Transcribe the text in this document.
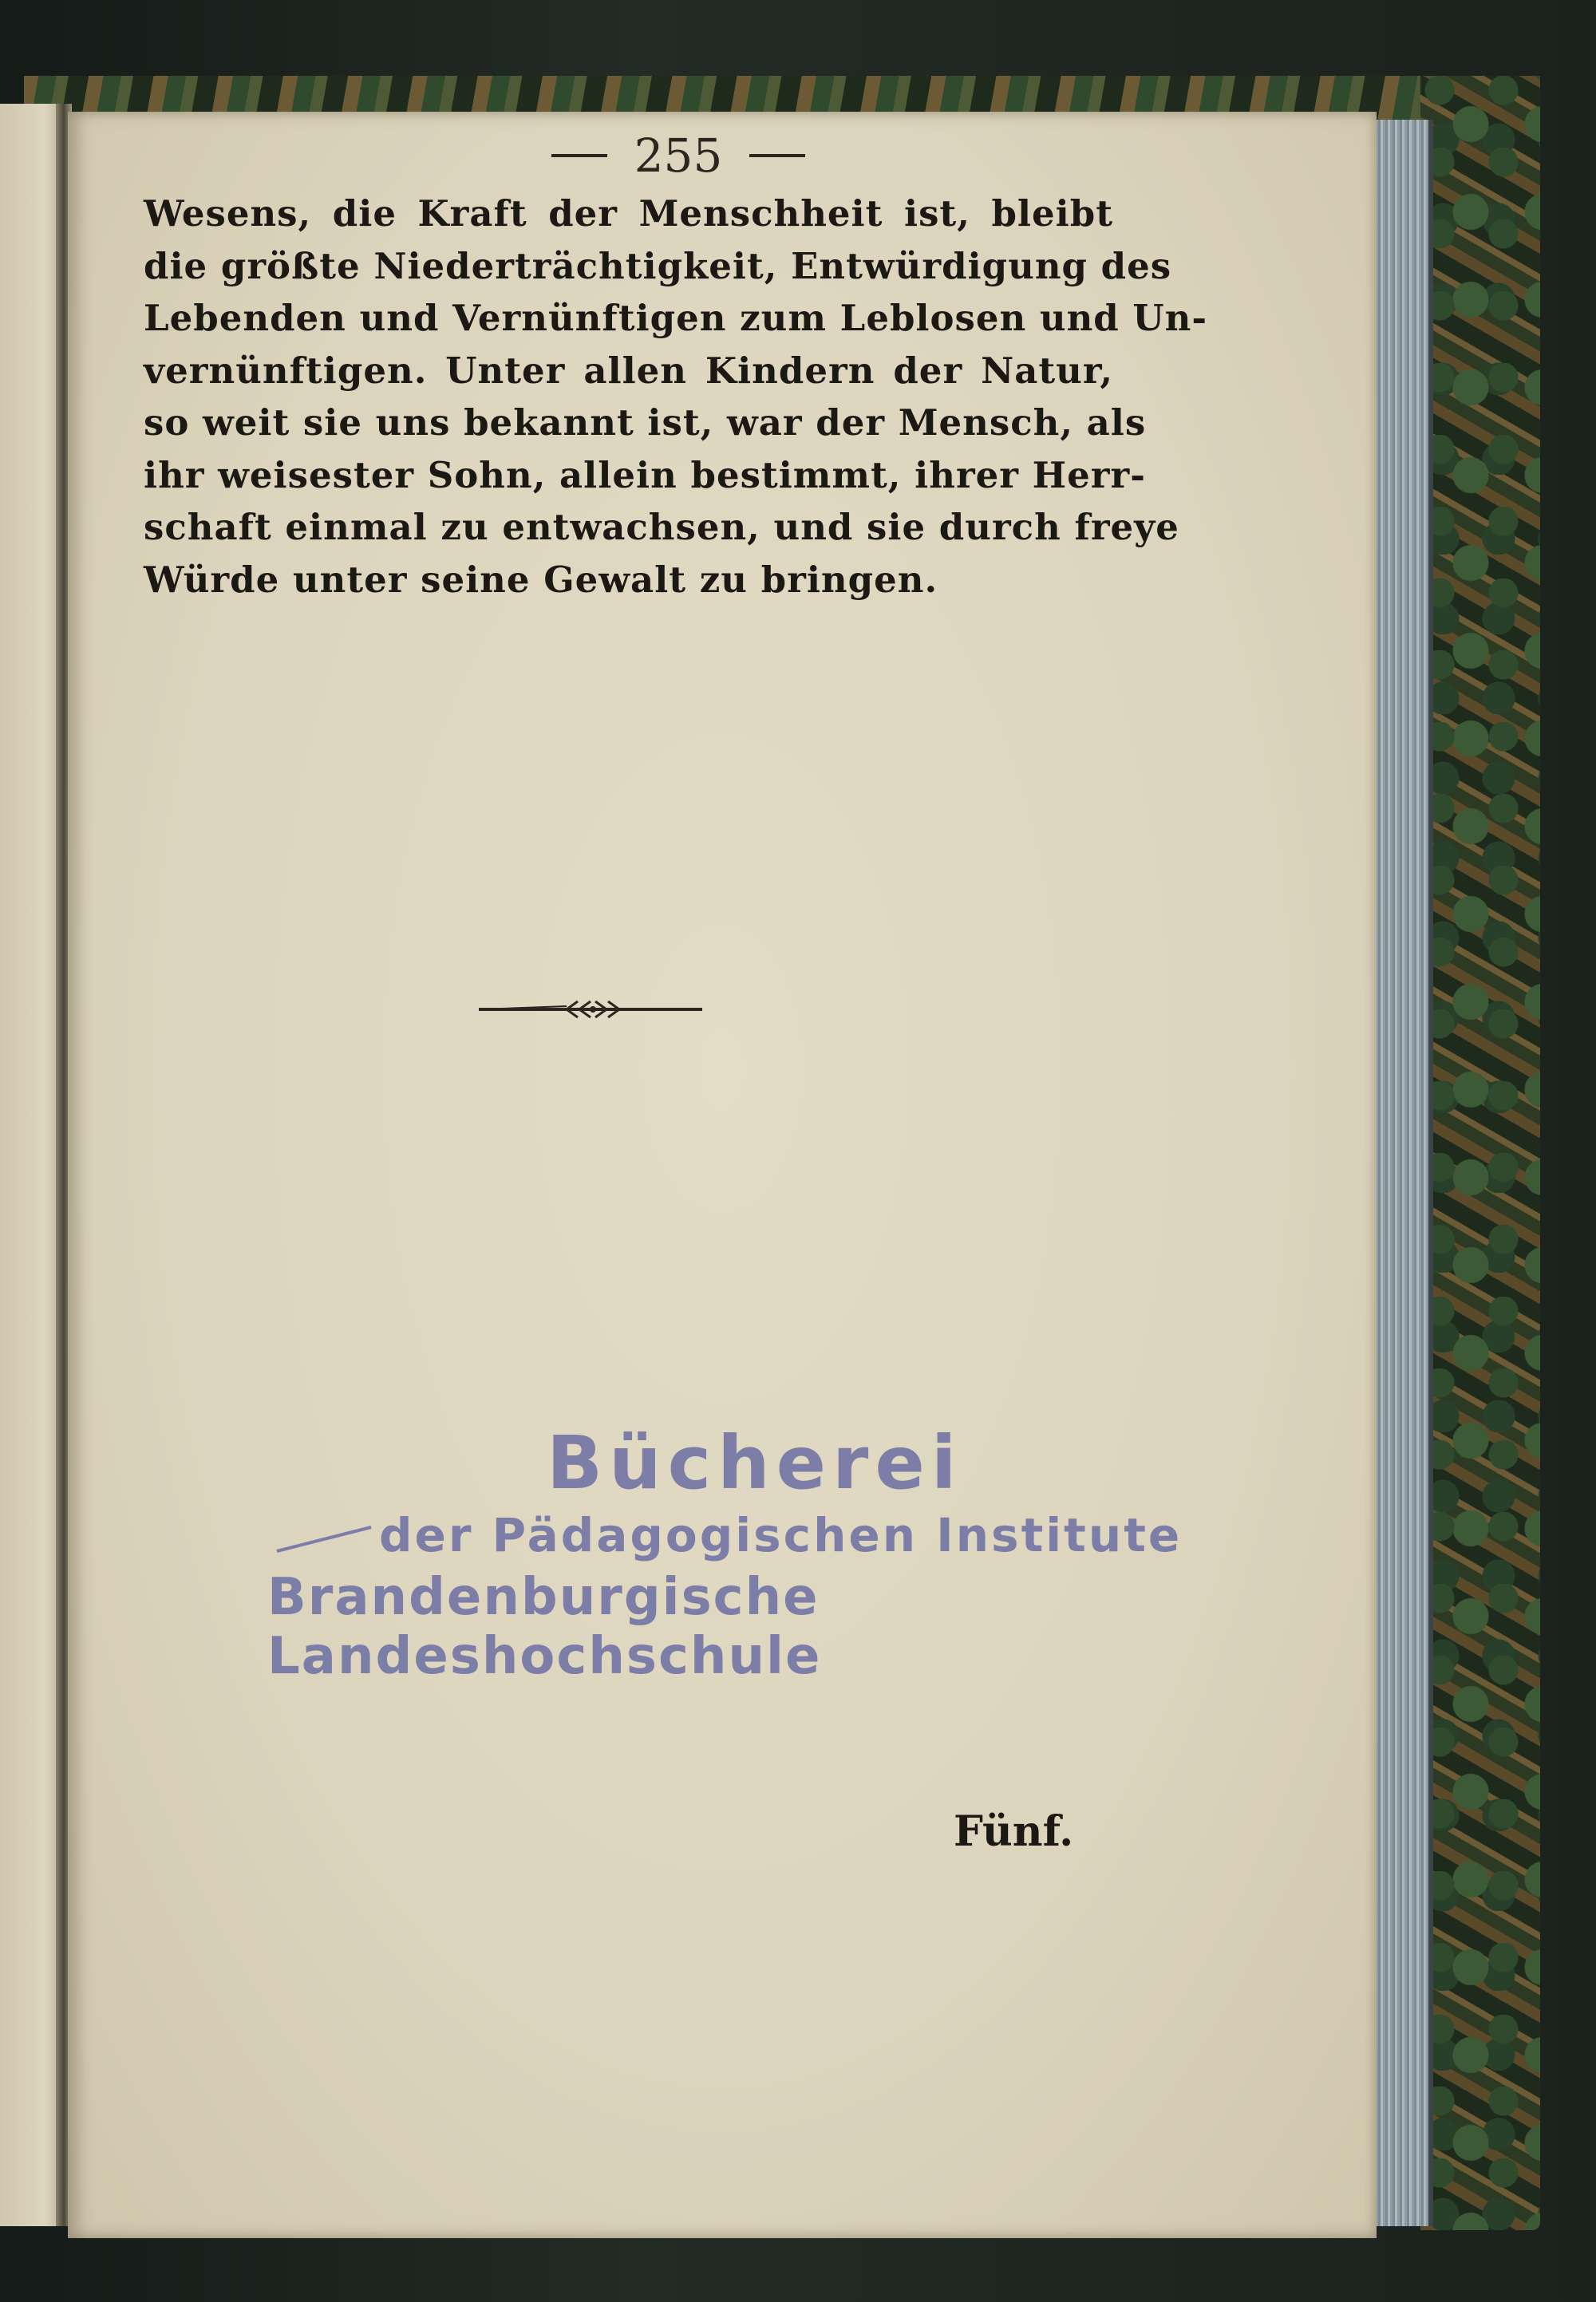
255
Wesens, die Kraft der Menschheit ist, bleibt
die größte Niederträchtigkeit, Entwürdigung des
Lebenden und Vernünftigen zum Leblosen und Un-
vernünftigen. Unter allen Kindern der Natur,
so weit sie uns bekannt ist, war der Mensch, als
ihr weisester Sohn, allein bestimmt, ihrer Herr-
schaft einmal zu entwachsen, und sie durch freye
Würde unter seine Gewalt zu bringen.
Bücherei
der Pädagogischen Institute
Brandenburgische Landeshochschule
Fünf.
